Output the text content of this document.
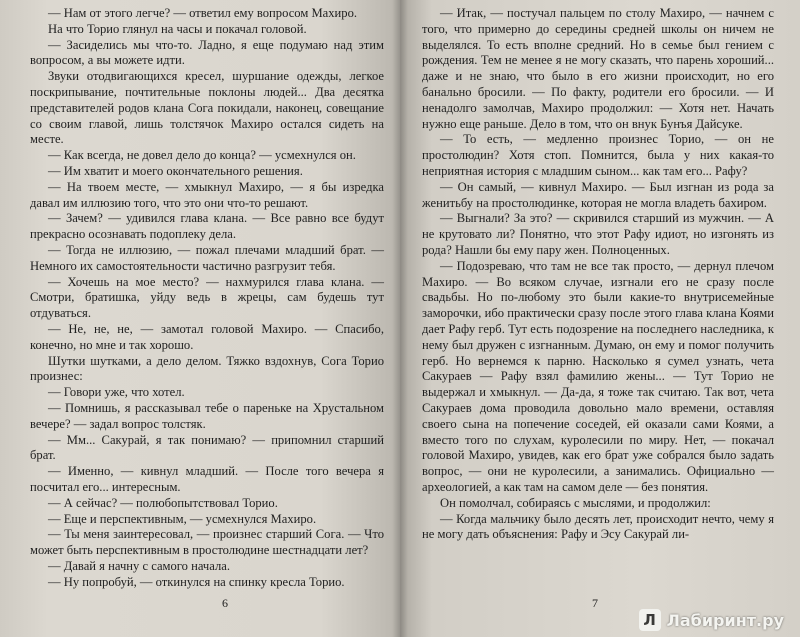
— Нам от этого легче? — ответил ему вопросом Махиро.

На что Торио глянул на часы и покачал головой.

— Засиделись мы что-то. Ладно, я еще подумаю над этим вопросом, а вы можете идти.

Звуки отодвигающихся кресел, шуршание одежды, легкое поскрипывание, почтительные поклоны людей... Два десятка представителей родов клана Сога покидали, наконец, совещание со своим главой, лишь толстячок Махиро остался сидеть на месте.

— Как всегда, не довел дело до конца? — усмехнулся он.

— Им хватит и моего окончательного решения.

— На твоем месте, — хмыкнул Махиро, — я бы изредка давал им иллюзию того, что это они что-то решают.

— Зачем? — удивился глава клана. — Все равно все будут прекрасно осознавать подоплеку дела.

— Тогда не иллюзию, — пожал плечами младший брат. — Немного их самостоятельности частично разгрузит тебя.

— Хочешь на мое место? — нахмурился глава клана. — Смотри, братишка, уйду ведь в жрецы, сам будешь тут отдуваться.

— Не, не, не, — замотал головой Махиро. — Спасибо, конечно, но мне и так хорошо.

Шутки шутками, а дело делом. Тяжко вздохнув, Сога Торио произнес:

— Говори уже, что хотел.

— Помнишь, я рассказывал тебе о пареньке на Хрустальном вечере? — задал вопрос толстяк.

— Мм... Сакурай, я так понимаю? — припомнил старший брат.

— Именно, — кивнул младший. — После того вечера я посчитал его... интересным.

— А сейчас? — полюбопытствовал Торио.

— Еще и перспективным, — усмехнулся Махиро.

— Ты меня заинтересовал, — произнес старший Сога. — Что может быть перспективным в простолюдине шестнадцати лет?

— Давай я начну с самого начала.

— Ну попробуй, — откинулся на спинку кресла Торио.

6

— Итак, — постучал пальцем по столу Махиро, — начнем с того, что примерно до середины средней школы он ничем не выделялся. То есть вполне средний. Но в семье был гением с рождения. Тем не менее я не могу сказать, что парень хороший... даже и не знаю, что было в его жизни происходит, но его банально бросили. — По факту, родители его бросили. — И ненадолго замолчав, Махиро продолжил: — Хотя нет. Начать нужно еще раньше. Дело в том, что он внук Бунъя Дайсуке.

— То есть, — медленно произнес Торио, — он не простолюдин? Хотя стоп. Помнится, была у них какая-то неприятная история с младшим сыном... как там его... Рафу?

— Он самый, — кивнул Махиро. — Был изгнан из рода за женитьбу на простолюдинке, которая не могла владеть бахиром.

— Выгнали? За это? — скривился старший из мужчин. — А не крутовато ли? Понятно, что этот Рафу идиот, но изгонять из рода? Нашли бы ему пару жен. Полноценных.

— Подозреваю, что там не все так просто, — дернул плечом Махиро. — Во всяком случае, изгнали его не сразу после свадьбы. Но по-любому это были какие-то внутрисемейные заморочки, ибо практически сразу после этого глава клана Коями дает Рафу герб. Тут есть подозрение на последнего наследника, к нему был дружен с изгнанным. Думаю, он ему и помог получить герб. Но вернемся к парню. Насколько я сумел узнать, чета Сакураев — Рафу взял фамилию жены... — Тут Торио не выдержал и хмыкнул. — Да-да, я тоже так считаю. Так вот, чета Сакураев дома проводила довольно мало времени, оставляя своего сына на попечение соседей, ей оказали сами Коями, а вместо того по слухам, куролесили по миру. Нет, — покачал головой Махиро, увидев, как его брат уже собрался было задать вопрос, — они не куролесили, а занимались. Официально — археологией, а как там на самом деле — без понятия.

Он помолчал, собираясь с мыслями, и продолжил:

— Когда мальчику было десять лет, происходит нечто, чему я не могу дать объяснения: Рафу и Эсу Сакурай ли-

7
Л Лабиринт.ру
